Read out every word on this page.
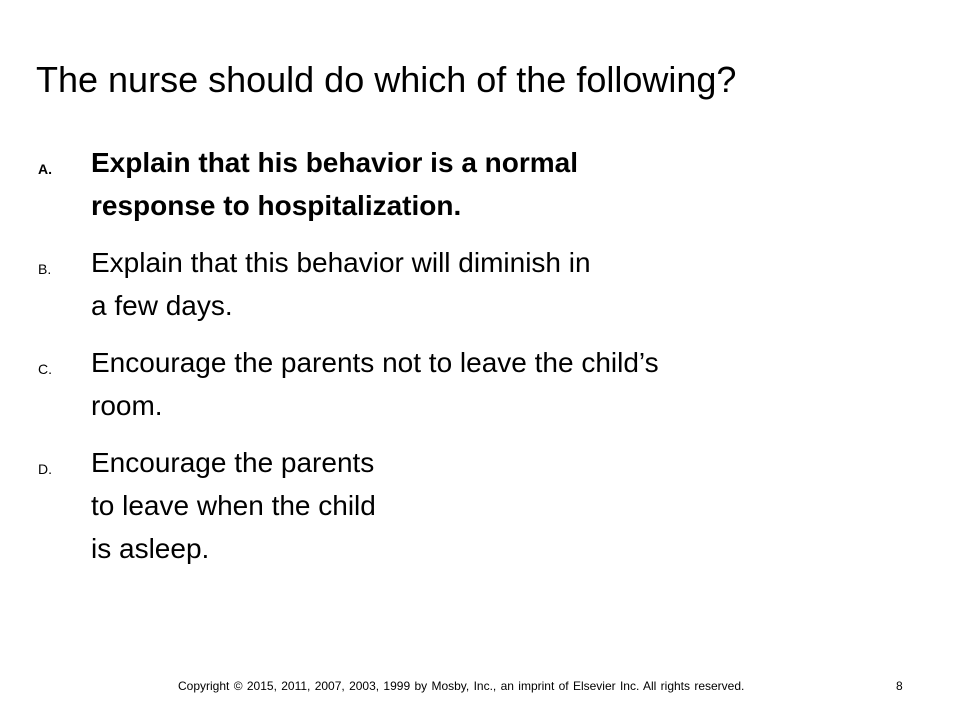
The nurse should do which of the following?
A.	Explain that his behavior is a normal response to hospitalization.
B.	Explain that this behavior will diminish in a few days.
C.	Encourage the parents not to leave the child’s room.
D.	Encourage the parents to leave when the child is asleep.
Copyright © 2015, 2011, 2007, 2003, 1999 by Mosby, Inc., an imprint of Elsevier Inc. All rights reserved.	8
